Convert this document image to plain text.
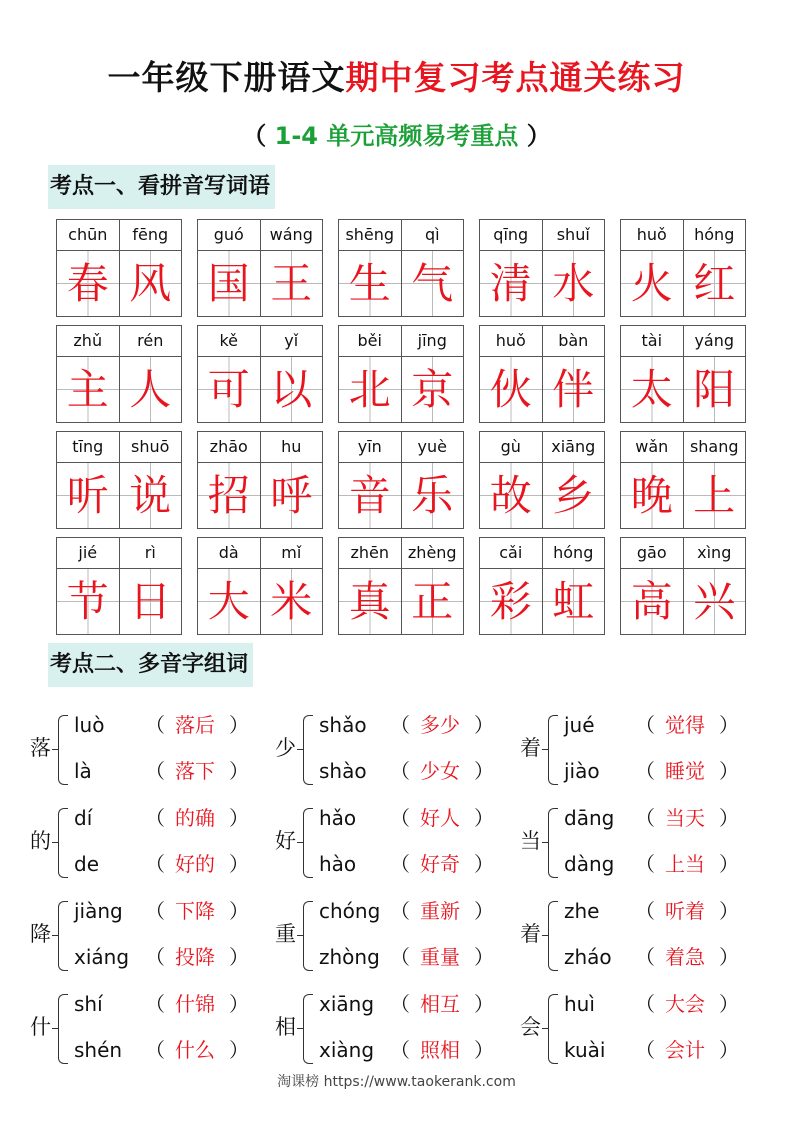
一年级下册语文期中复习考点通关练习
（ 1-4 单元高频易考重点 ）
考点一、看拼音写词语
chūn	fēng
春 风
guó	wáng
国 王
shēng	qì
生 气
qīng	shuǐ
清 水
huǒ	hóng
火 红
zhǔ	rén
主 人
kě	yǐ
可 以
běi	jīng
北 京
huǒ	bàn
伙 伴
tài	yáng
太 阳
tīng	shuō
听 说
zhāo	hu
招 呼
yīn	yuè
音 乐
gù	xiāng
故 乡
wǎn	shang
晚 上
jié	rì
节 日
dà	mǐ
大 米
zhēn	zhèng
真 正
cǎi	hóng
彩 虹
gāo	xìng
高 兴
考点二、多音字组词
落
luò （ 落后 ）
là	（ 落下 ）
少
shǎo （ 多少 ）
shào （ 少女 ）
着
jué （ 觉得 ）
jiào （ 睡觉 ）
的
dí	（ 的确 ）
de （ 好的 ）
好
hǎo （ 好人 ）
hào （ 好奇 ）
当
dāng （ 当天 ）
dàng （ 上当 ）
降
jiàng （ 下降 ）
xiáng （ 投降 ）
重
chóng （ 重新 ）
zhòng （ 重量 ）
着
zhe （ 听着 ）
zháo （ 着急 ）
什
shí （ 什锦 ）
shén （ 什么 ）
相
xiāng （ 相互 ）
xiàng （ 照相 ）
会
huì （ 大会 ）
kuài （ 会计 ）
淘课榜 https://www.taokerank.com
